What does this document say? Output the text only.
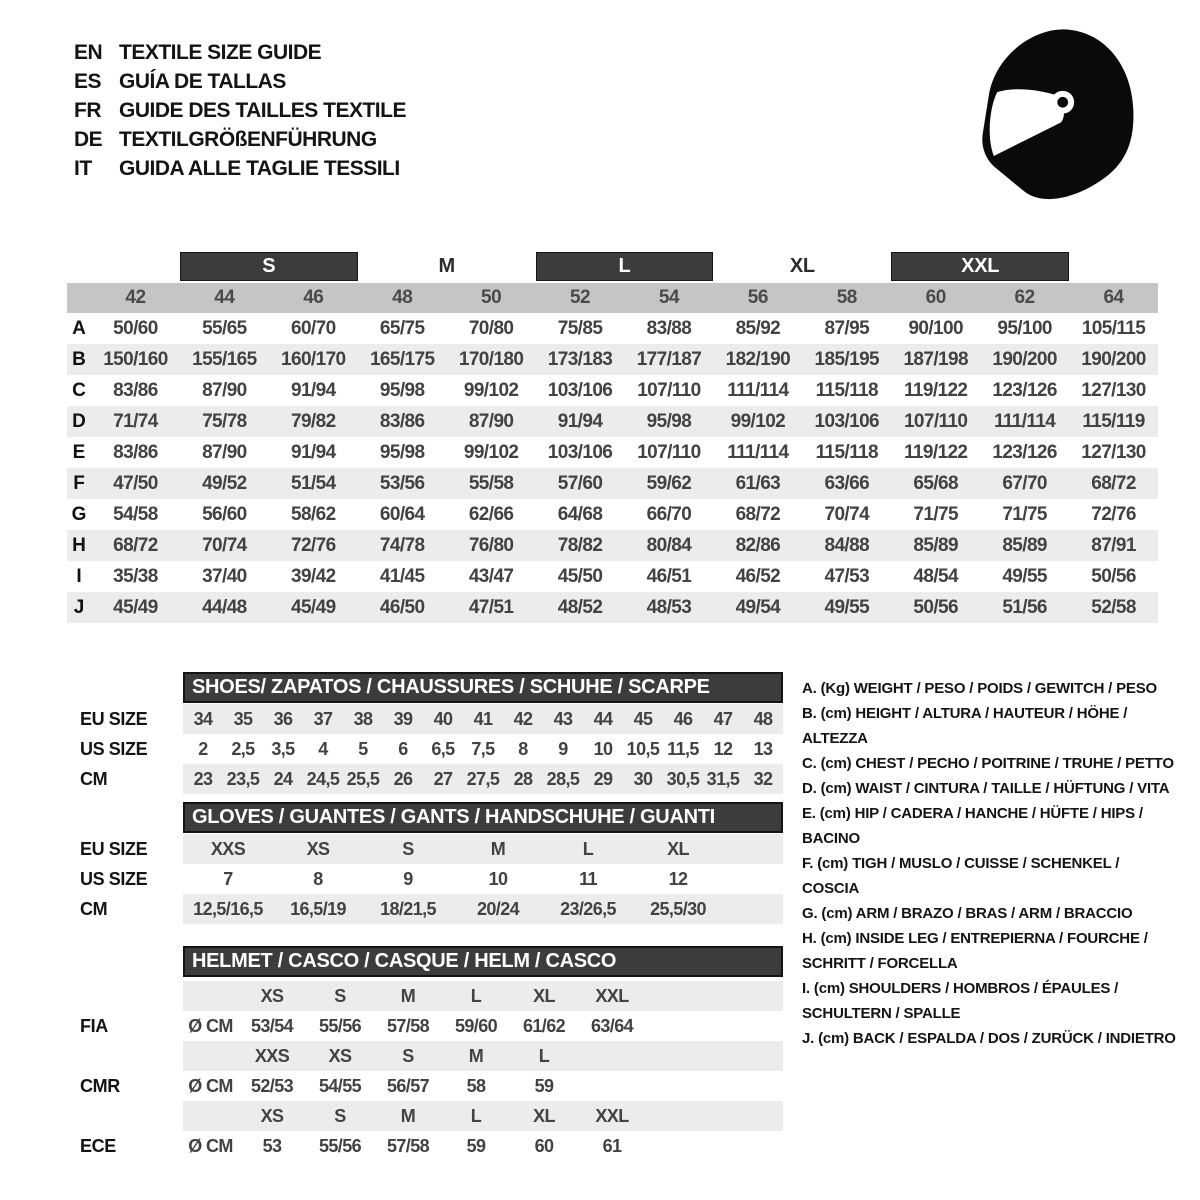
EN TEXTILE SIZE GUIDE
ES GUÍA DE TALLAS
FR GUIDE DES TAILLES TEXTILE
DE TEXTILGRÖßENFÜHRUNG
IT	GUIDA ALLE TAGLIE TESSILI
S	M	L	XL	XXL
42	44	46	48	50	52	54	56	58	60	62	64
A	50/60	55/65	60/70	65/75	70/80	75/85	83/88	85/92	87/95	90/100	95/100	105/115
B 150/160	155/165	160/170	165/175	170/180	173/183	177/187	182/190	185/195	187/198	190/200	190/200
C	83/86	87/90	91/94	95/98	99/102	103/106	107/110	111/114	115/118	119/122	123/126	127/130
D	71/74	75/78	79/82	83/86	87/90	91/94	95/98	99/102	103/106	107/110	111/114	115/119
E	83/86	87/90	91/94	95/98	99/102	103/106	107/110	111/114	115/118	119/122	123/126	127/130
F	47/50	49/52	51/54	53/56	55/58	57/60	59/62	61/63	63/66	65/68	67/70	68/72
G	54/58	56/60	58/62	60/64	62/66	64/68	66/70	68/72	70/74	71/75	71/75	72/76
H	68/72	70/74	72/76	74/78	76/80	78/82	80/84	82/86	84/88	85/89	85/89	87/91
I	35/38	37/40	39/42	41/45	43/47	45/50	46/51	46/52	47/53	48/54	49/55	50/56
J	45/49	44/48	45/49	46/50	47/51	48/52	48/53	49/54	49/55	50/56	51/56	52/58
SHOES/ ZAPATOS / CHAUSSURES / SCHUHE / SCARPE
EU SIZE	34	35	36	37	38	39	40	41	42	43	44	45	46	47	48
US SIZE	2	2,5 3,5	4	5	6	6,5 7,5	8	9	10 10,5 11,5 12	13
CM	23 23,5 24 24,5 25,5 26	27 27,5 28 28,5 29	30 30,5 31,5 32
GLOVES / GUANTES / GANTS / HANDSCHUHE / GUANTI
EU SIZE	XXS	XS	S	M	L	XL
US SIZE	7	8	9	10	11	12
CM	12,5/16,5	16,5/19	18/21,5	20/24	23/26,5	25,5/30
HELMET / CASCO / CASQUE / HELM / CASCO
XS	S	M	L	XL	XXL
FIA	Ø CM	53/54	55/56	57/58	59/60	61/62	63/64
XXS	XS	S	M	L
CMR	Ø CM	52/53	54/55	56/57	58	59
XS	S	M	L	XL	XXL
ECE	Ø CM	53	55/56	57/58	59	60	61
A. (Kg) WEIGHT / PESO / POIDS / GEWITCH / PESO
B. (cm) HEIGHT / ALTURA / HAUTEUR / HÖHE / ALTEZZA
C. (cm) CHEST / PECHO / POITRINE / TRUHE / PETTO
D. (cm) WAIST / CINTURA / TAILLE / HÜFTUNG / VITA
E. (cm) HIP / CADERA / HANCHE / HÜFTE / HIPS / BACINO
F. (cm) TIGH / MUSLO / CUISSE / SCHENKEL / COSCIA
G. (cm) ARM / BRAZO / BRAS / ARM / BRACCIO
H. (cm) INSIDE LEG / ENTREPIERNA / FOURCHE / SCHRITT / FORCELLA
I. (cm) SHOULDERS / HOMBROS / ÉPAULES / SCHULTERN / SPALLE
J. (cm) BACK / ESPALDA / DOS / ZURÜCK / INDIETRO
